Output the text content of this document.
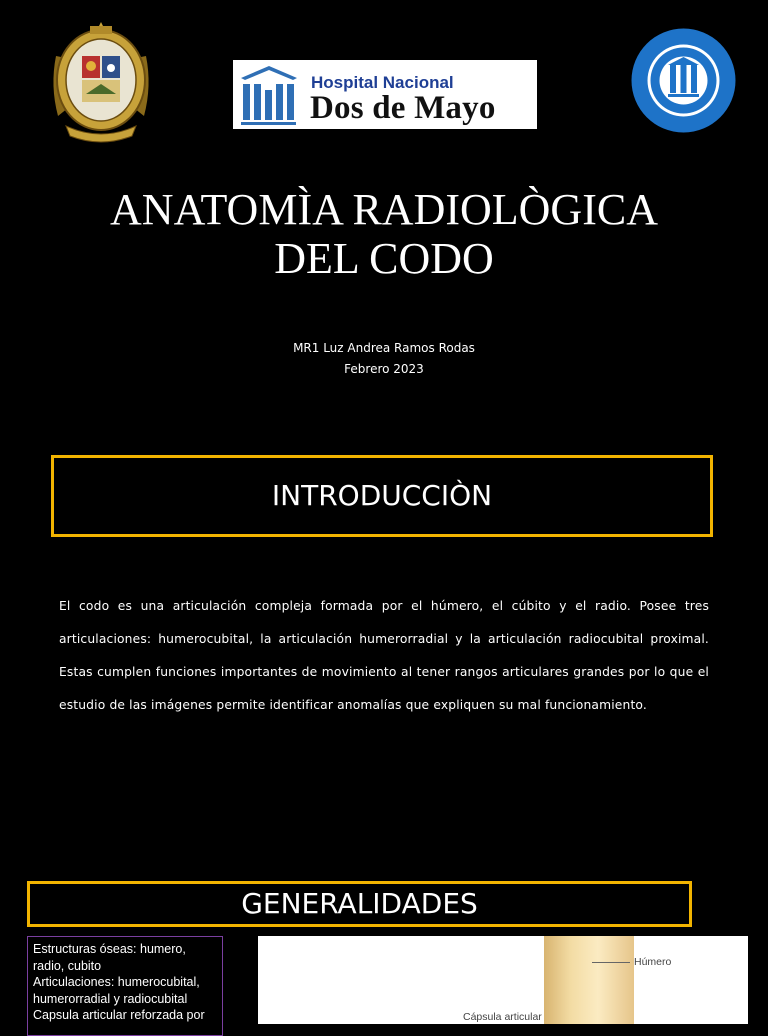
Hospital Nacional
Dos de Mayo
ANATOMÌA RADIOLÒGICA
DEL CODO
MR1 Luz Andrea Ramos Rodas
Febrero 2023
INTRODUCCIÒN
El codo es una articulación compleja formada por el húmero, el cúbito y el radio. Posee tres articulaciones: humerocubital, la articulación humerorradial y la articulación radiocubital proximal. Estas cumplen funciones importantes de movimiento al tener rangos articulares grandes por lo que el estudio de las imágenes permite identificar anomalías que expliquen su mal funcionamiento.
GENERALIDADES
Estructuras óseas: humero,
radio, cubito
Articulaciones: humerocubital,
humerorradial y radiocubital
Capsula articular reforzada por
Húmero
Cápsula articular
